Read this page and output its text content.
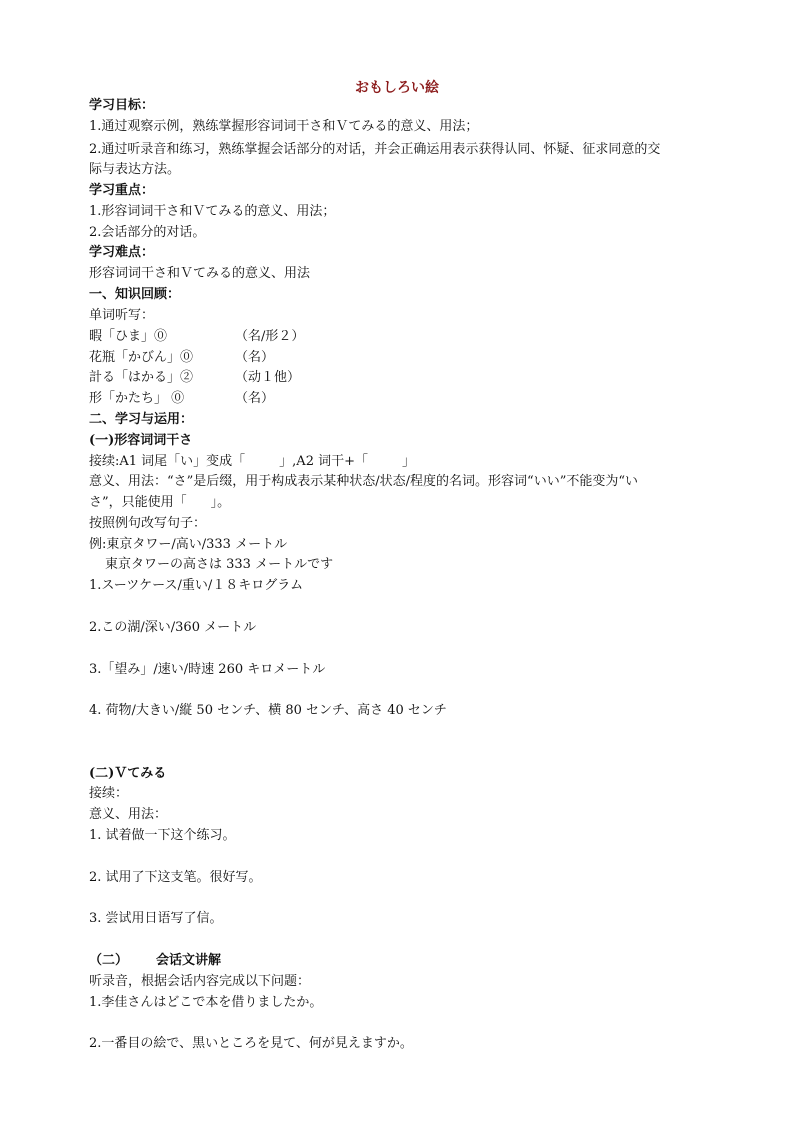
おもしろい絵
学习目标：
1.通过观察示例，熟练掌握形容词词干さ和Ｖてみる的意义、用法；
2.通过听录音和练习，熟练掌握会话部分的对话，并会正确运用表示获得认同、怀疑、征求同意的交
际与表达方法。
学习重点：
1.形容词词干さ和Ｖてみる的意义、用法；
2.会话部分的对话。
学习难点：
形容词词干さ和Ｖてみる的意义、用法
一、知识回顾：
单词听写：
暇「ひま」⓪	（名/形２）
花瓶「かびん」⓪	（名）
計る「はかる」②	（动１他）
形「かたち」 ⓪	（名）
二、学习与运用：
(一)形容词词干さ
接续:A1 词尾「い」变成「	」,A2 词干+「	」
意义、用法：“さ”是后缀，用于构成表示某种状态/状态/程度的名词。形容词“いい”不能变为“い
さ”，只能使用「 」。
按照例句改写句子：
例:東京タワー/高い/333 メートル
東京タワーの高さは 333 メートルです
1.スーツケース/重い/１８キログラム
2.この湖/深い/360 メートル
3.「望み」/速い/時速 260 キロメートル
4. 荷物/大きい/縦 50 センチ、横 80 センチ、高さ 40 センチ
(二)Ｖてみる
接续：
意义、用法：
1. 试着做一下这个练习。
2. 试用了下这支笔。很好写。
3. 尝试用日语写了信。
（二） 会话文讲解
听录音，根据会话内容完成以下问题：
1.李佳さんはどこで本を借りましたか。
2.一番目の絵で、黒いところを見て、何が見えますか。
